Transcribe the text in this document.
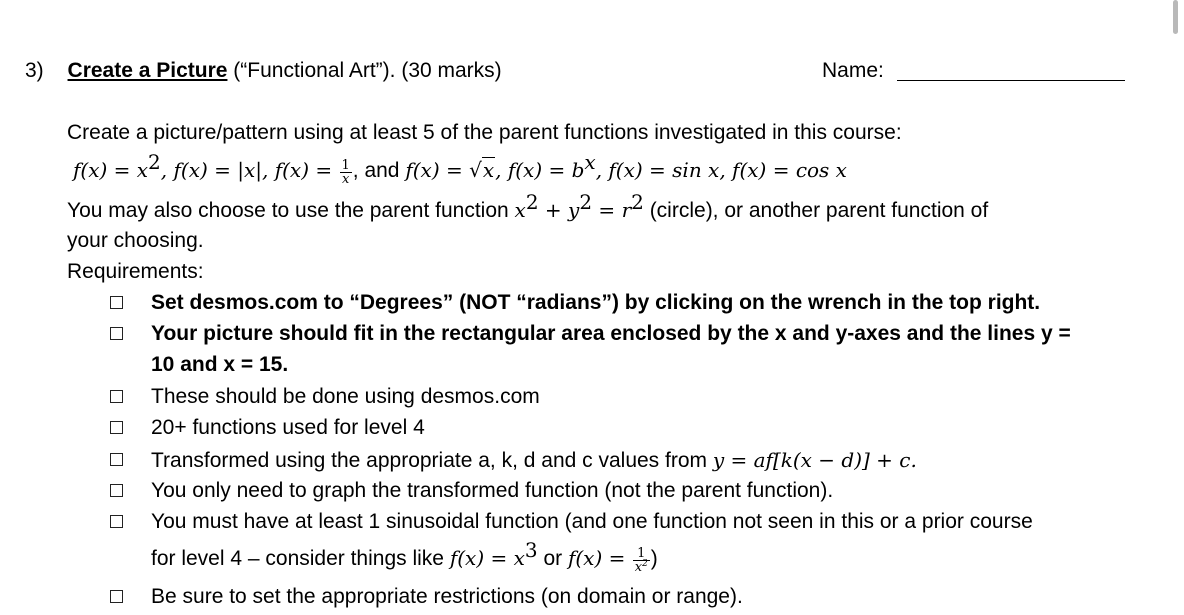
3) Create a Picture (“Functional Art”). (30 marks)	Name:
Create a picture/pattern using at least 5 of the parent functions investigated in this course:
$f(x) = x^2$, f(x) = |x|, $f(x) = \frac{1}{x}$ , and f(x) = √x, $f(x) = b^x$, f(x) = sin x, f(x) = cos x
You may also choose to use the parent function $x^2 + y^2 = r^2$ (circle), or another parent function of
your choosing.
Requirements:
Set desmos.com to “Degrees” (NOT “radians”) by clicking on the wrench in the top right.
Your picture should fit in the rectangular area enclosed by the x and y-axes and the lines y =
10 and x = 15.
These should be done using desmos.com
20+ functions used for level 4
Transformed using the appropriate a, k, d and c values from y = af[k(x − d)] + c.
You only need to graph the transformed function (not the parent function).
You must have at least 1 sinusoidal function (and one function not seen in this or a prior course
for level 4 – consider things like $f(x) = x^3$ or $f(x) = \frac{1}{x^2}$ )
Be sure to set the appropriate restrictions (on domain or range).
